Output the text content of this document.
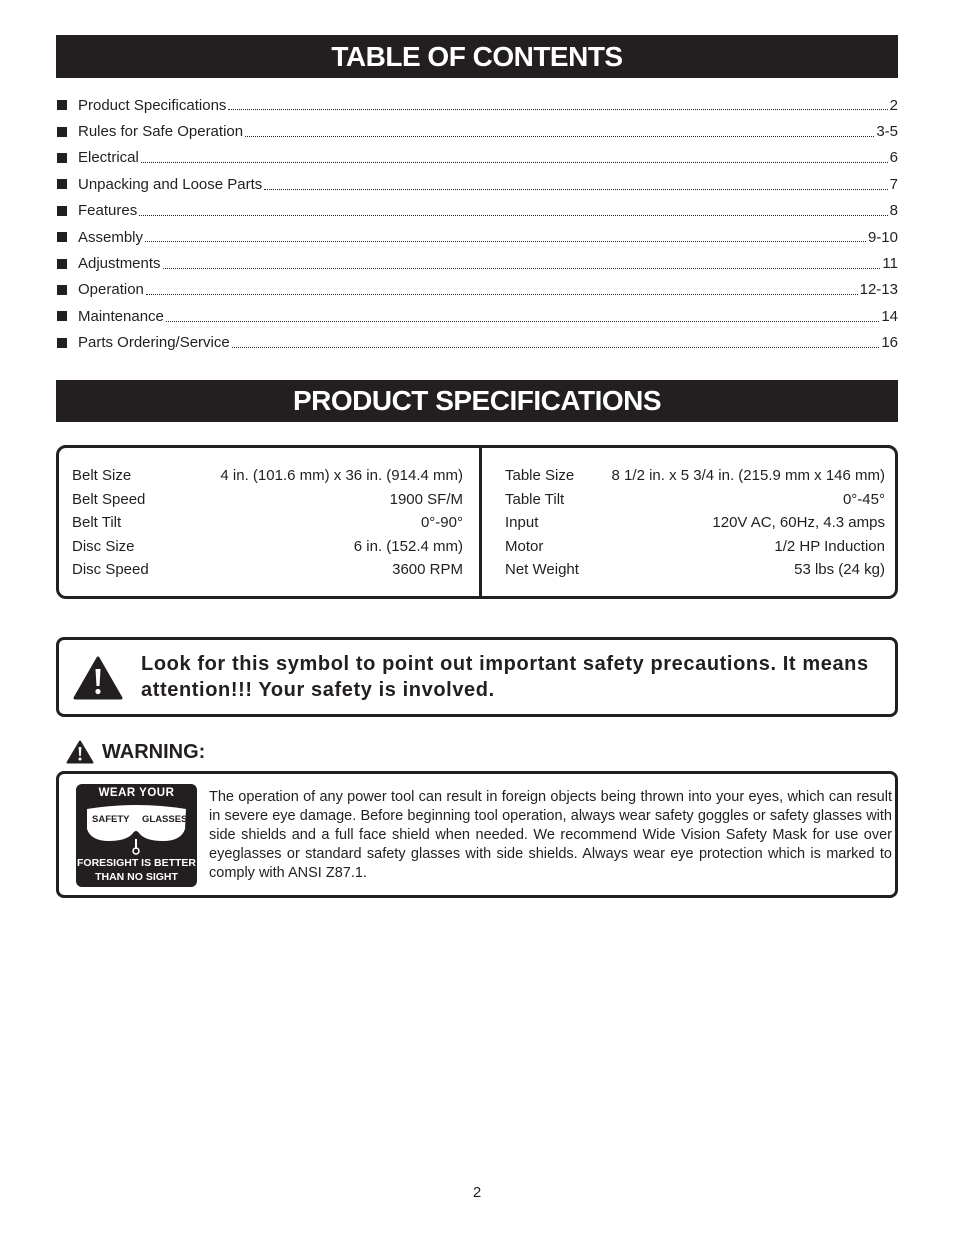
TABLE OF CONTENTS
Product Specifications	2
Rules for Safe Operation	3-5
Electrical	6
Unpacking and Loose Parts	7
Features	8
Assembly	9-10
Adjustments	11
Operation	12-13
Maintenance	14
Parts Ordering/Service	16
PRODUCT SPECIFICATIONS
Belt Size	4 in. (101.6 mm) x 36 in. (914.4 mm)
Belt Speed	1900 SF/M
Belt Tilt	0°-90°
Disc Size	6 in. (152.4 mm)
Disc Speed	3600 RPM
Table Size 8 1/2 in. x 5 3/4 in. (215.9 mm x 146 mm)
Table Tilt	0°-45°
Input	120V AC, 60Hz, 4.3 amps
Motor	1/2 HP Induction
Net Weight	53 lbs (24 kg)
Look for this symbol to point out important safety precautions. It means attention!!! Your safety is involved.
WARNING:
WEAR YOUR
SAFETY GLASSES
FORESIGHT IS BETTER
THAN NO SIGHT
The operation of any power tool can result in foreign objects being thrown into your eyes, which can result in severe eye damage. Before beginning tool operation, always wear safety goggles or safety glasses with side shields and a full face shield when needed. We recommend Wide Vision Safety Mask for use over eyeglasses or standard safety glasses with side shields. Always wear eye protection which is marked to comply with ANSI Z87.1.
2
